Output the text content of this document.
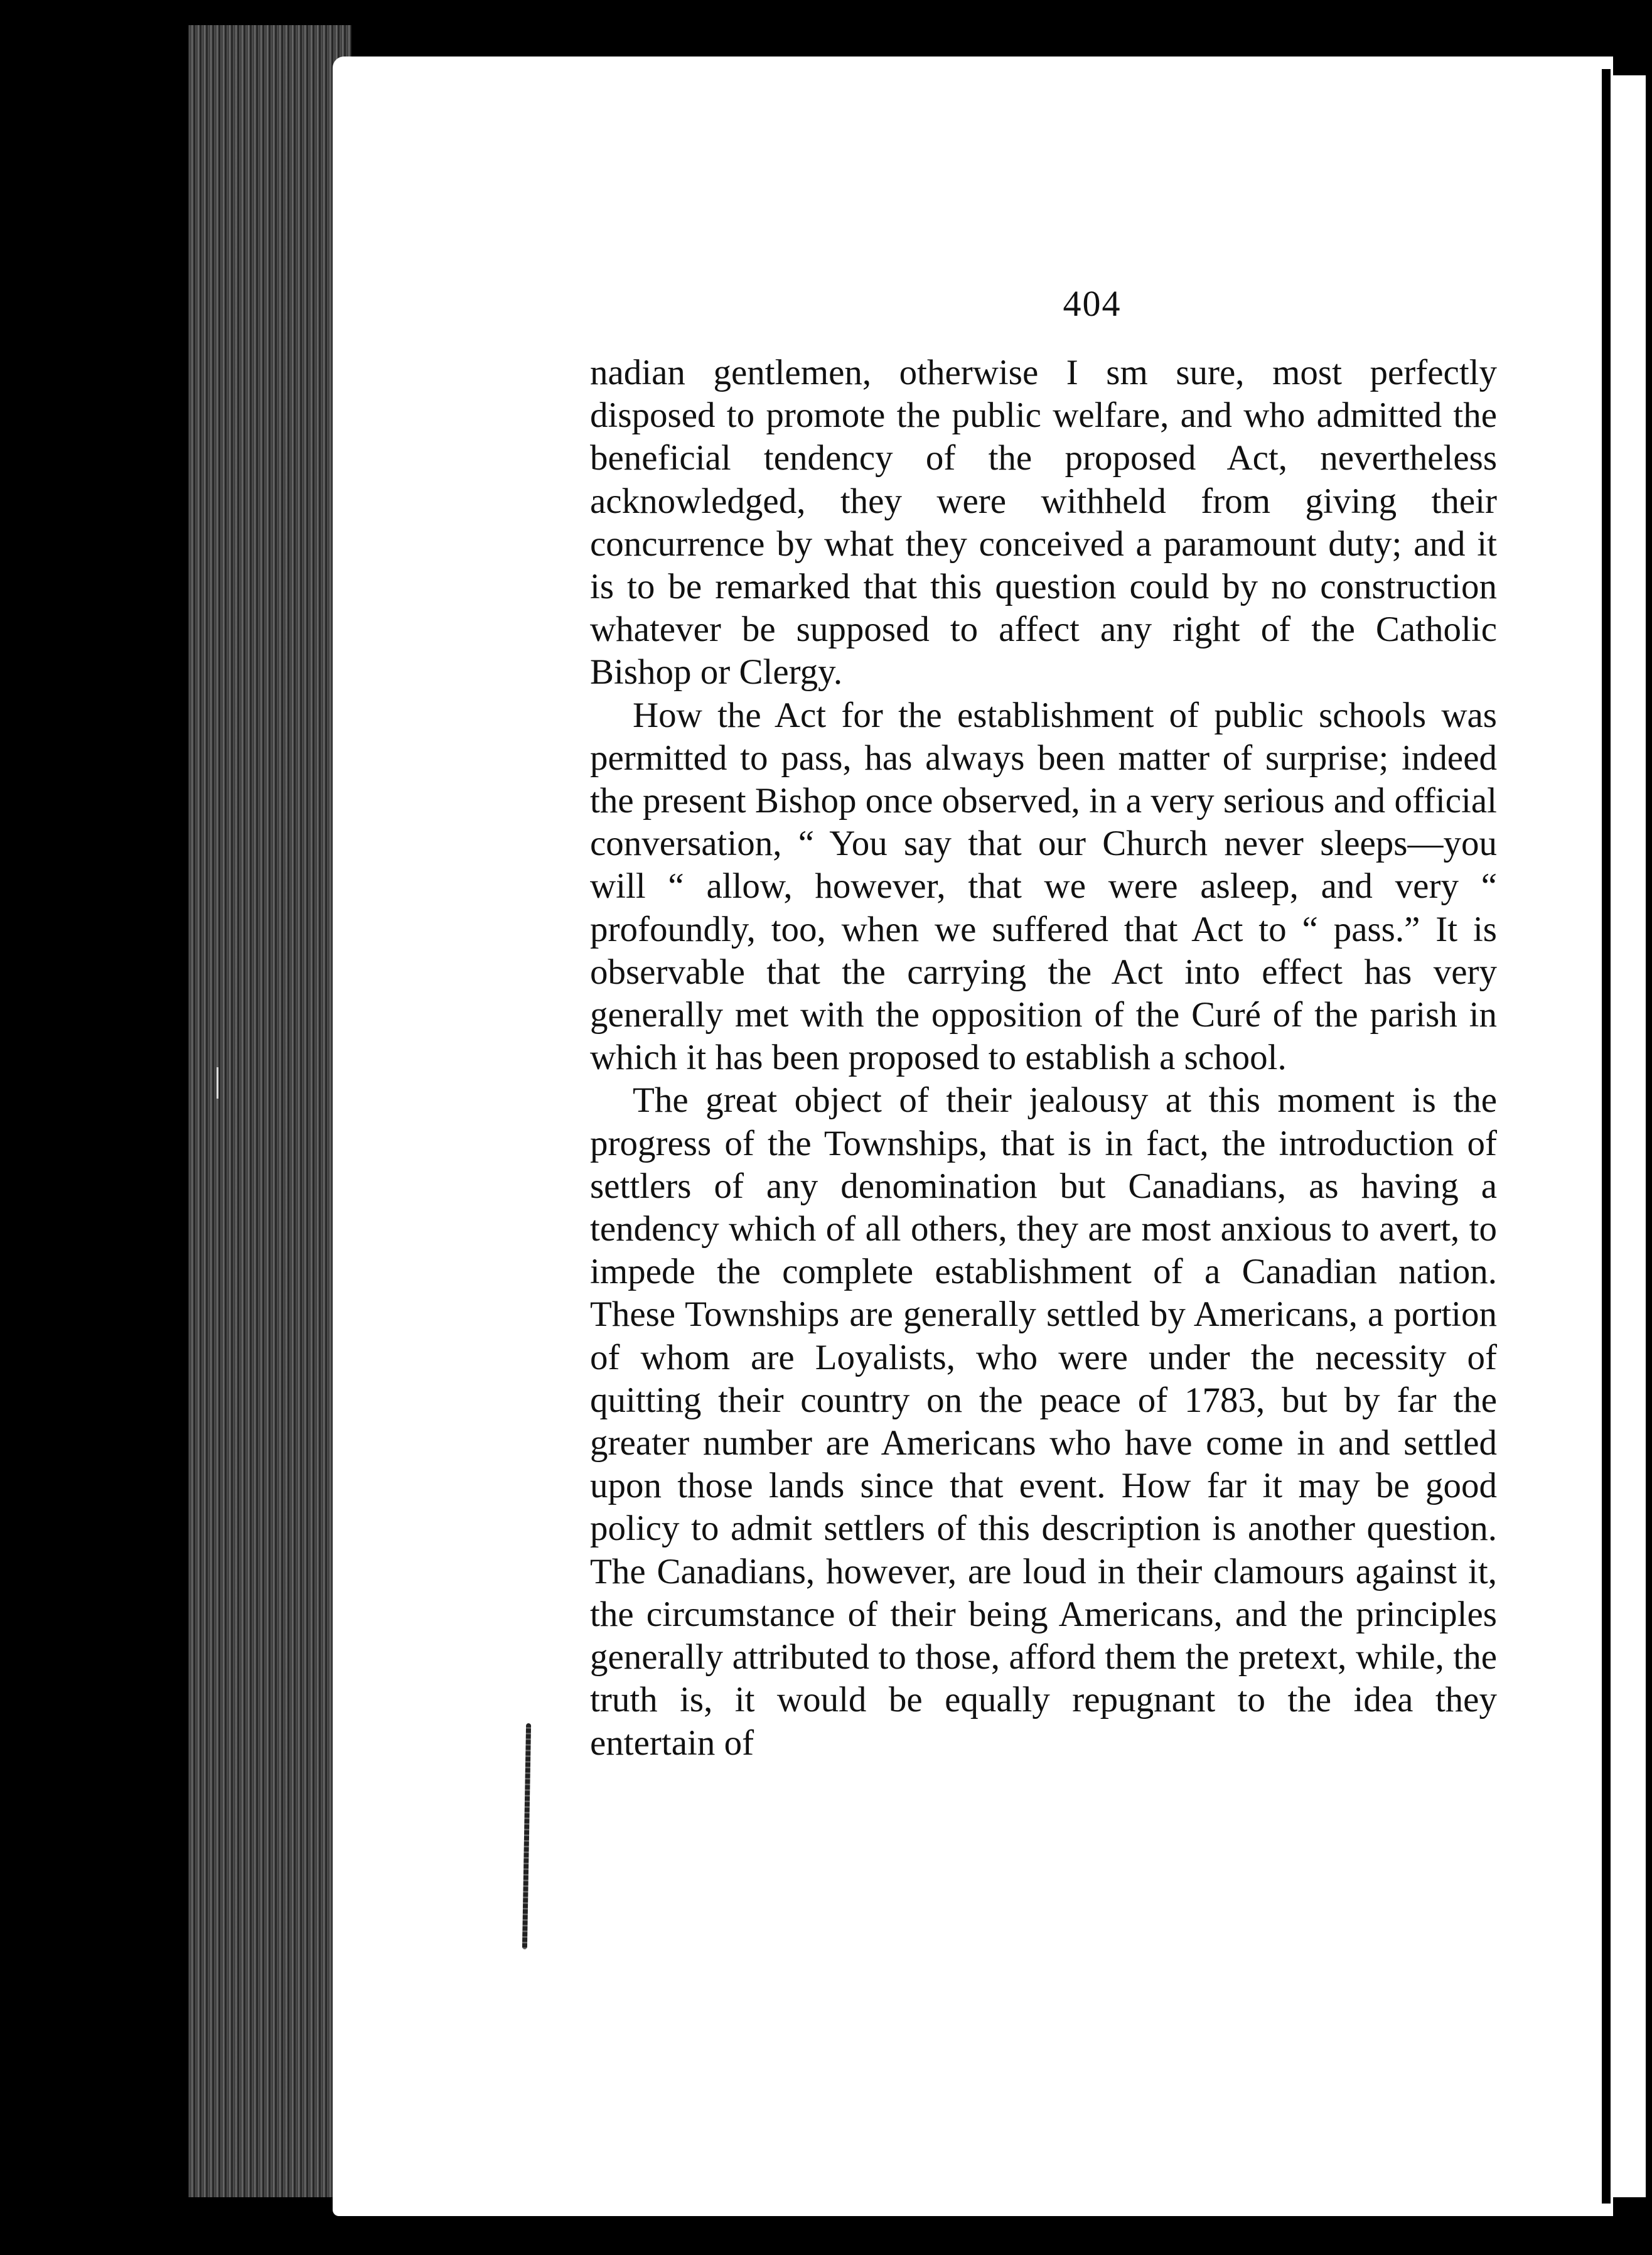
404

nadian gentlemen, otherwise I sm sure, most perfectly disposed to promote the public welfare, and who admitted the beneficial tendency of the proposed Act, nevertheless acknowledged, they were withheld from giving their concurrence by what they conceived a paramount duty; and it is to be remarked that this question could by no construction whatever be supposed to affect any right of the Catholic Bishop or Clergy.

How the Act for the establishment of public schools was permitted to pass, has always been matter of surprise; indeed the present Bishop once observed, in a very serious and official conversation, “ You say that our Church never sleeps—you will “ allow, however, that we were asleep, and very “ profoundly, too, when we suffered that Act to “ pass.” It is observable that the carrying the Act into effect has very generally met with the opposition of the Curé of the parish in which it has been proposed to establish a school.

The great object of their jealousy at this moment is the progress of the Townships, that is in fact, the introduction of settlers of any denomination but Canadians, as having a tendency which of all others, they are most anxious to avert, to impede the complete establishment of a Canadian nation. These Townships are generally settled by Americans, a portion of whom are Loyalists, who were under the necessity of quitting their country on the peace of 1783, but by far the greater number are Americans who have come in and settled upon those lands since that event. How far it may be good policy to admit settlers of this description is another question. The Canadians, however, are loud in their clamours against it, the circumstance of their being Americans, and the principles generally attributed to those, afford them the pretext, while, the truth is, it would be equally repugnant to the idea they entertain of
